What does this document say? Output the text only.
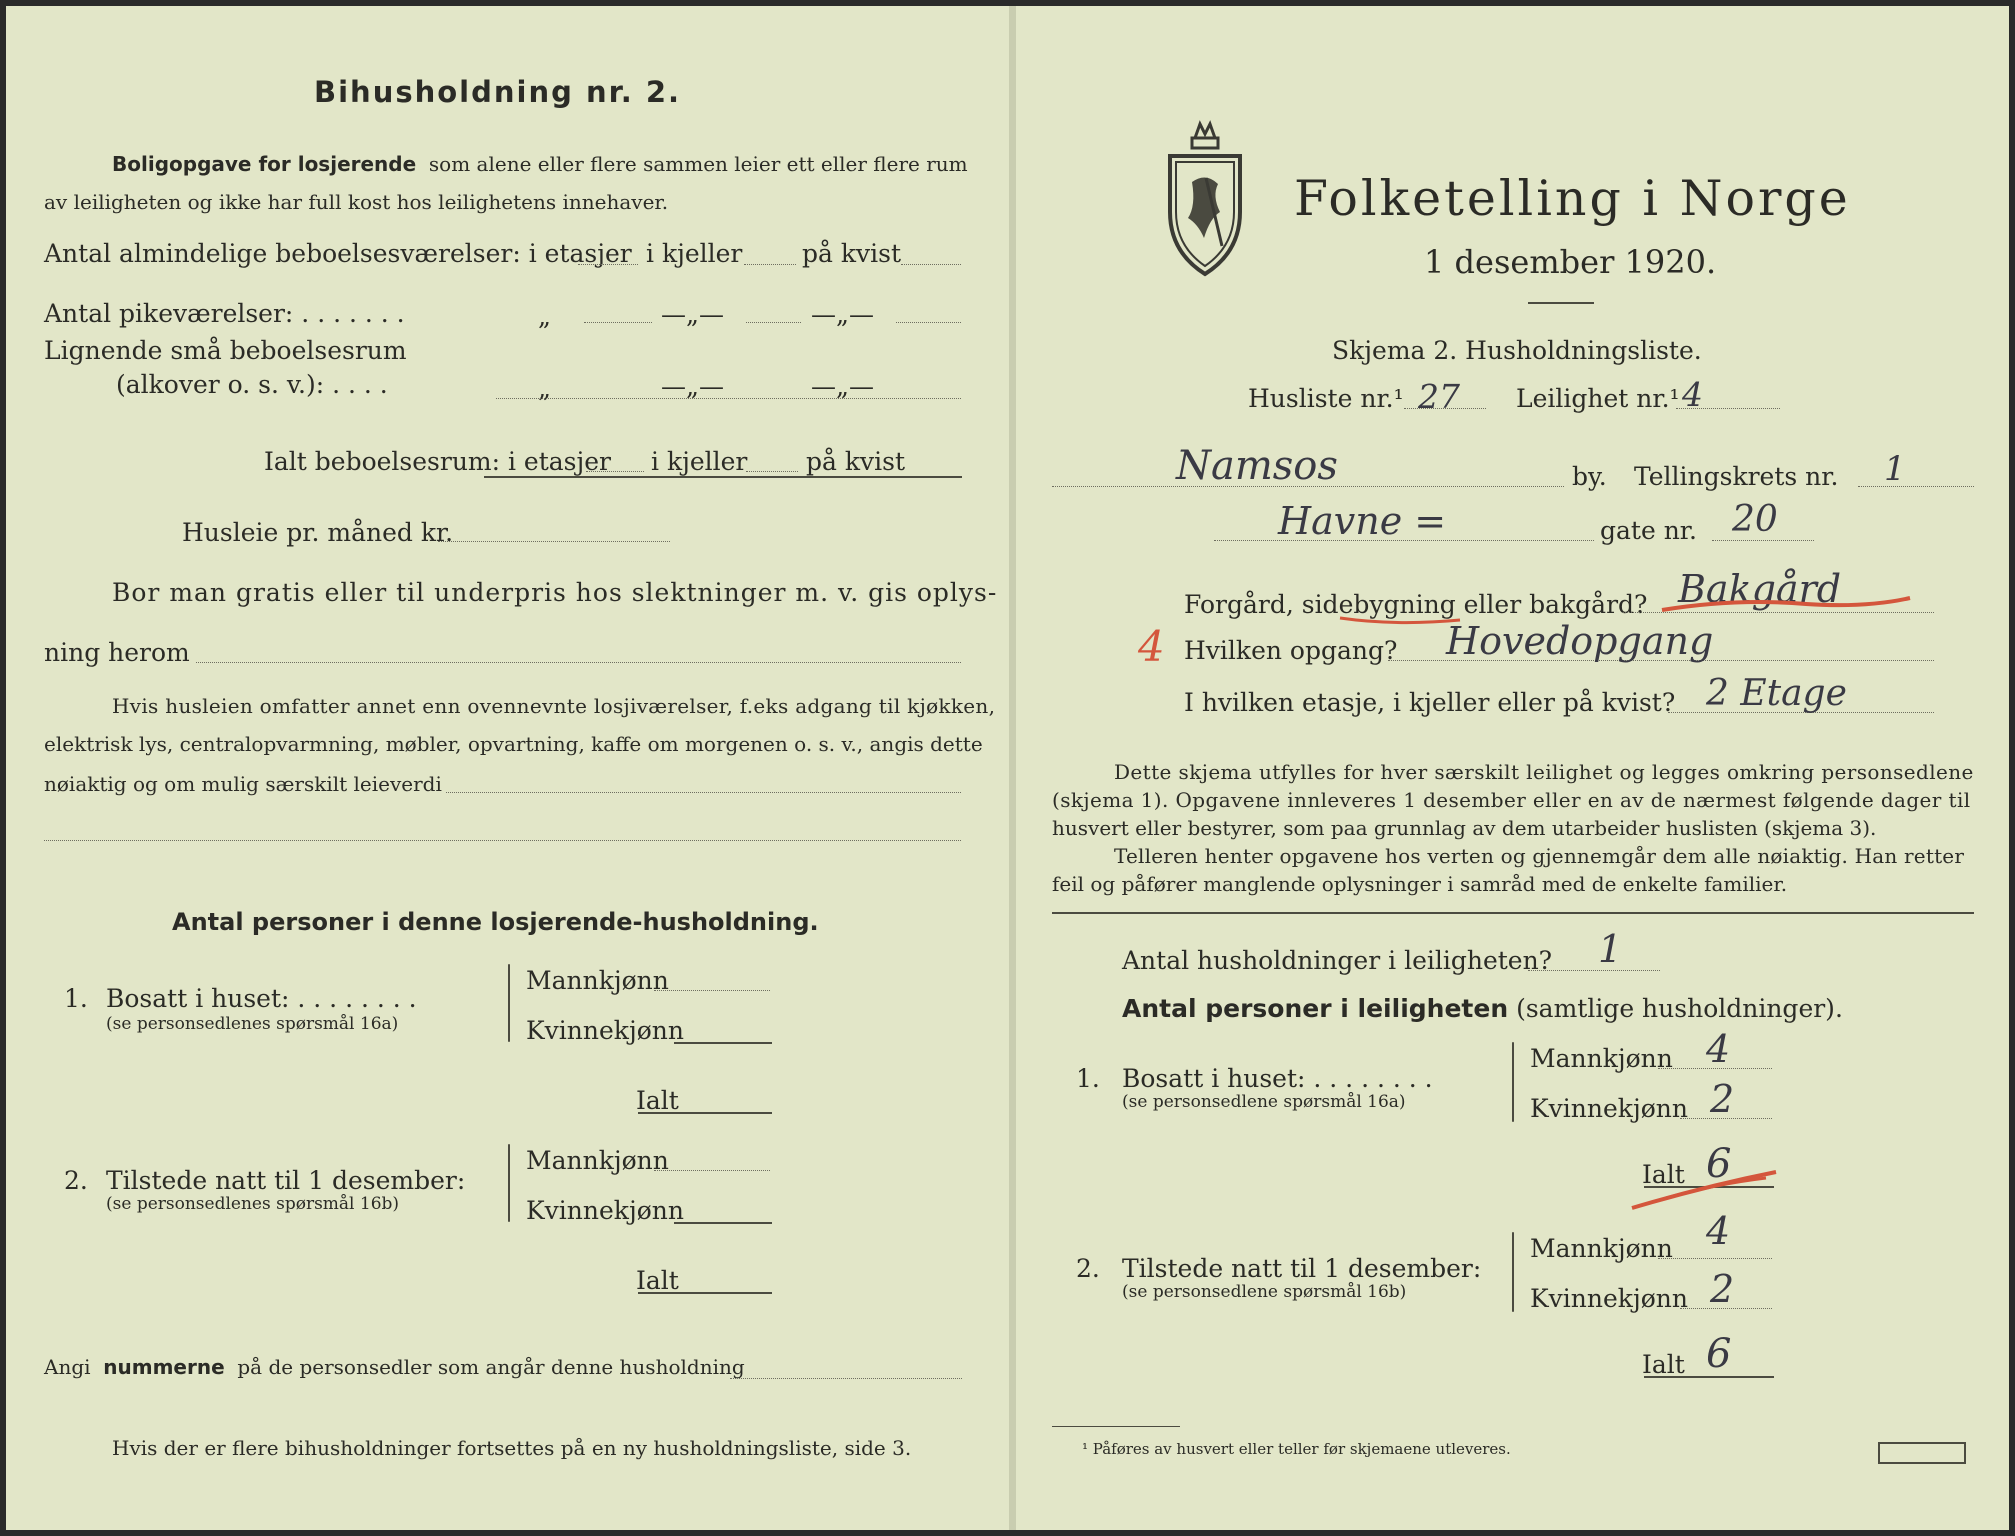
Bihusholdning nr. 2.
Boligopgave for losjerende som alene eller flere sammen leier ett eller flere rum
av leiligheten og ikke har full kost hos leilighetens innehaver.
Antal almindelige beboelsesværelser: i etasjer i kjeller på kvist
Antal pikeværelser: . . . . . . .	„	—„—	—„—
Lignende små beboelsesrum
(alkover o. s. v.): . . . .	„	—„—	—„—
Ialt beboelsesrum: i etasjer i kjeller på kvist
Husleie pr. måned kr.
Bor man gratis eller til underpris hos slektninger m. v. gis oplys-
ning herom
Hvis husleien omfatter annet enn ovennevnte losjiværelser, f.eks adgang til kjøkken,
elektrisk lys, centralopvarmning, møbler, opvartning, kaffe om morgenen o. s. v., angis dette
nøiaktig og om mulig særskilt leieverdi
Antal personer i denne losjerende-husholdning.
1. Bosatt i huset: . . . . . . . .
(se personsedlenes spørsmål 16a)
Mannkjønn
Kvinnekjønn
Ialt
2. Tilstede natt til 1 desember:
(se personsedlenes spørsmål 16b)
Mannkjønn
Kvinnekjønn
Ialt
Angi nummerne på de personsedler som angår denne husholdning
Hvis der er flere bihusholdninger fortsettes på en ny husholdningsliste, side 3.
Folketelling i Norge
1 desember 1920.
Skjema 2. Husholdningsliste.
Husliste nr.¹ 27 Leilighet nr.¹ 4
Namsos	by. Tellingskrets nr. 1
Havne =	gate nr. 20
Forgård, sidebygning eller bakgård? Bakgård
4 Hvilken opgang? Hovedopgang
I hvilken etasje, i kjeller eller på kvist? 2 Etage
Dette skjema utfylles for hver særskilt leilighet og legges omkring personsedlene
(skjema 1). Opgavene innleveres 1 desember eller en av de nærmest følgende dager til
husvert eller bestyrer, som paa grunnlag av dem utarbeider huslisten (skjema 3).
Telleren henter opgavene hos verten og gjennemgår dem alle nøiaktig. Han retter
feil og påfører manglende oplysninger i samråd med de enkelte familier.
Antal husholdninger i leiligheten? 1
Antal personer i leiligheten (samtlige husholdninger).
1. Bosatt i huset: . . . . . . . .
(se personsedlene spørsmål 16a)
Mannkjønn 4
Kvinnekjønn 2
Ialt 6
2. Tilstede natt til 1 desember:
(se personsedlene spørsmål 16b)
Mannkjønn 4
Kvinnekjønn 2
Ialt 6
¹ Påføres av husvert eller teller før skjemaene utleveres.
